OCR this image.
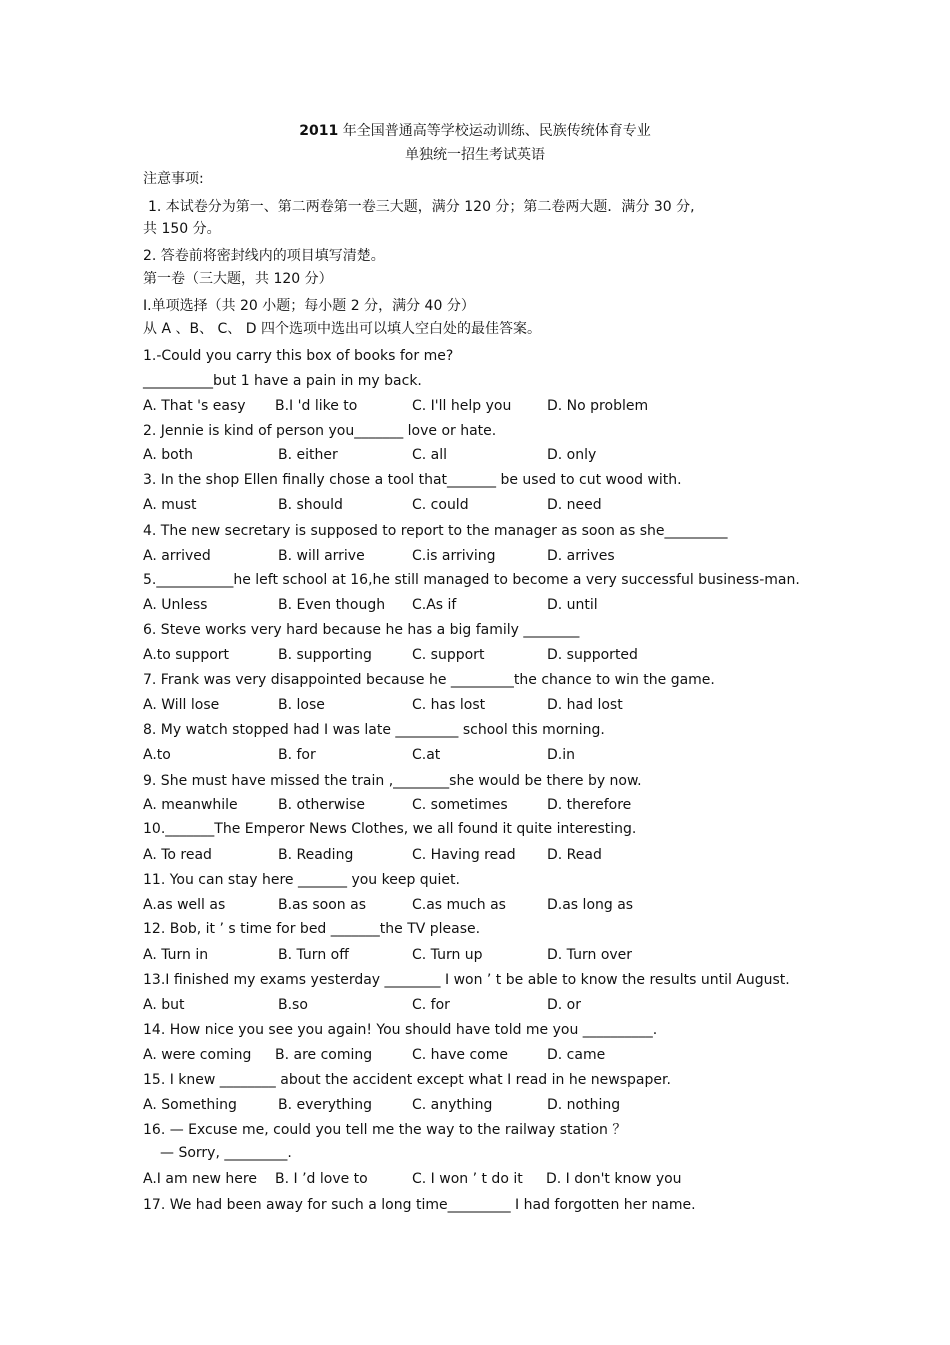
2011 年全国普通高等学校运动训练、民族传统体育专业
单独统一招生考试英语
注意事项:
1. 本试卷分为第一、第二两卷第一卷三大题，满分 120 分；第二卷两大题．满分 30 分,
共 150 分。
2. 答卷前将密封线内的项目填写清楚。
第一卷（三大题，共 120 分）
I.单项选择（共 20 小题；每小题 2 分，满分 40 分）
从 A 、B、 C、 D 四个选项中选出可以填人空白处的最佳答案。
1.-Could you carry this box of books for me?
__________but 1 have a pain in my back.
A. That 's easy B.I 'd like to	C. I'll help you	D. No problem
2. Jennie is kind of person you_______ love or hate.
A. both	B. either	C. all	D. only
3. In the shop Ellen finally chose a tool that_______ be used to cut wood with.
A. must	B. should	C. could	D. need
4. The new secretary is supposed to report to the manager as soon as she_________
A. arrived	B. will arrive	C.is arriving	D. arrives
5.___________he left school at 16,he still managed to become a very successful business-man.
A. Unless	B. Even though C.As if	D. until
6. Steve works very hard because he has a big family ________
A.to support	B. supporting	C. support	D. supported
7. Frank was very disappointed because he _________the chance to win the game.
A. Will lose	B. lose	C. has lost	D. had lost
8. My watch stopped had I was late _________ school this morning.
A.to	B. for	C.at	D.in
9. She must have missed the train ,________she would be there by now.
A. meanwhile	B. otherwise	C. sometimes	D. therefore
10._______The Emperor News Clothes, we all found it quite interesting.
A. To read	B. Reading	C. Having read D. Read
11. You can stay here _______ you keep quiet.
A.as well as	B.as soon as	C.as much as	D.as long as
12. Bob, it ’ s time for bed _______the TV please.
A. Turn in	B. Turn off	C. Turn up	D. Turn over
13.I finished my exams yesterday ________ I won ’ t be able to know the results until August.
A. but	B.so	C. for	D. or
14. How nice you see you again! You should have told me you __________.
A. were coming B. are coming	C. have come	D. came
15. I knew ________ about the accident except what I read in he newspaper.
A. Something	B. everything	C. anything	D. nothing
16. — Excuse me, could you tell me the way to the railway station ？
— Sorry, _________.
A.I am new here B. I ’d love to	C. I won ’ t do it D. I don't know you
17. We had been away for such a long time_________ I had forgotten her name.
